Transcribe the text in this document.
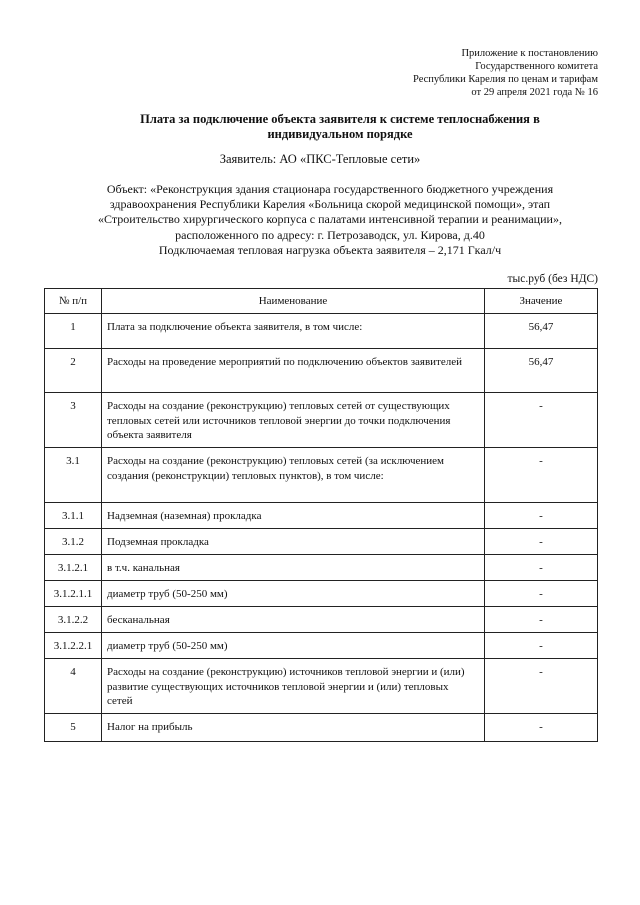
Приложение к постановлению
Государственного комитета
Республики Карелия по ценам и тарифам
от 29 апреля 2021 года № 16
Плата за подключение объекта заявителя к системе теплоснабжения в
индивидуальном порядке
Заявитель: АО «ПКС-Тепловые сети»
Объект: «Реконструкция здания стационара государственного бюджетного учреждения
здравоохранения Республики Карелия «Больница скорой медицинской помощи», этап
«Строительство хирургического корпуса с палатами интенсивной терапии и реанимации»,
расположенного по адресу: г. Петрозаводск, ул. Кирова, д.40
Подключаемая тепловая нагрузка объекта заявителя – 2,171 Гкал/ч
тыс.руб (без НДС)
№ п/п	Наименование	Значение
1	Плата за подключение объекта заявителя, в том числе:	56,47
2	Расходы на проведение мероприятий по подключению объектов заявителей	56,47
3	Расходы на создание (реконструкцию) тепловых сетей от существующих тепловых сетей или источников тепловой энергии до точки подключения объекта заявителя	-
3.1	Расходы на создание (реконструкцию) тепловых сетей (за исключением создания (реконструкции) тепловых пунктов), в том числе:	-
3.1.1	Надземная (наземная) прокладка	-
3.1.2	Подземная прокладка	-
3.1.2.1	в т.ч. канальная	-
3.1.2.1.1	диаметр труб (50-250 мм)	-
3.1.2.2	бесканальная	-
3.1.2.2.1	диаметр труб (50-250 мм)	-
4	Расходы на создание (реконструкцию) источников тепловой энергии и (или) развитие существующих источников тепловой энергии и (или) тепловых сетей	-
5	Налог на прибыль	-
